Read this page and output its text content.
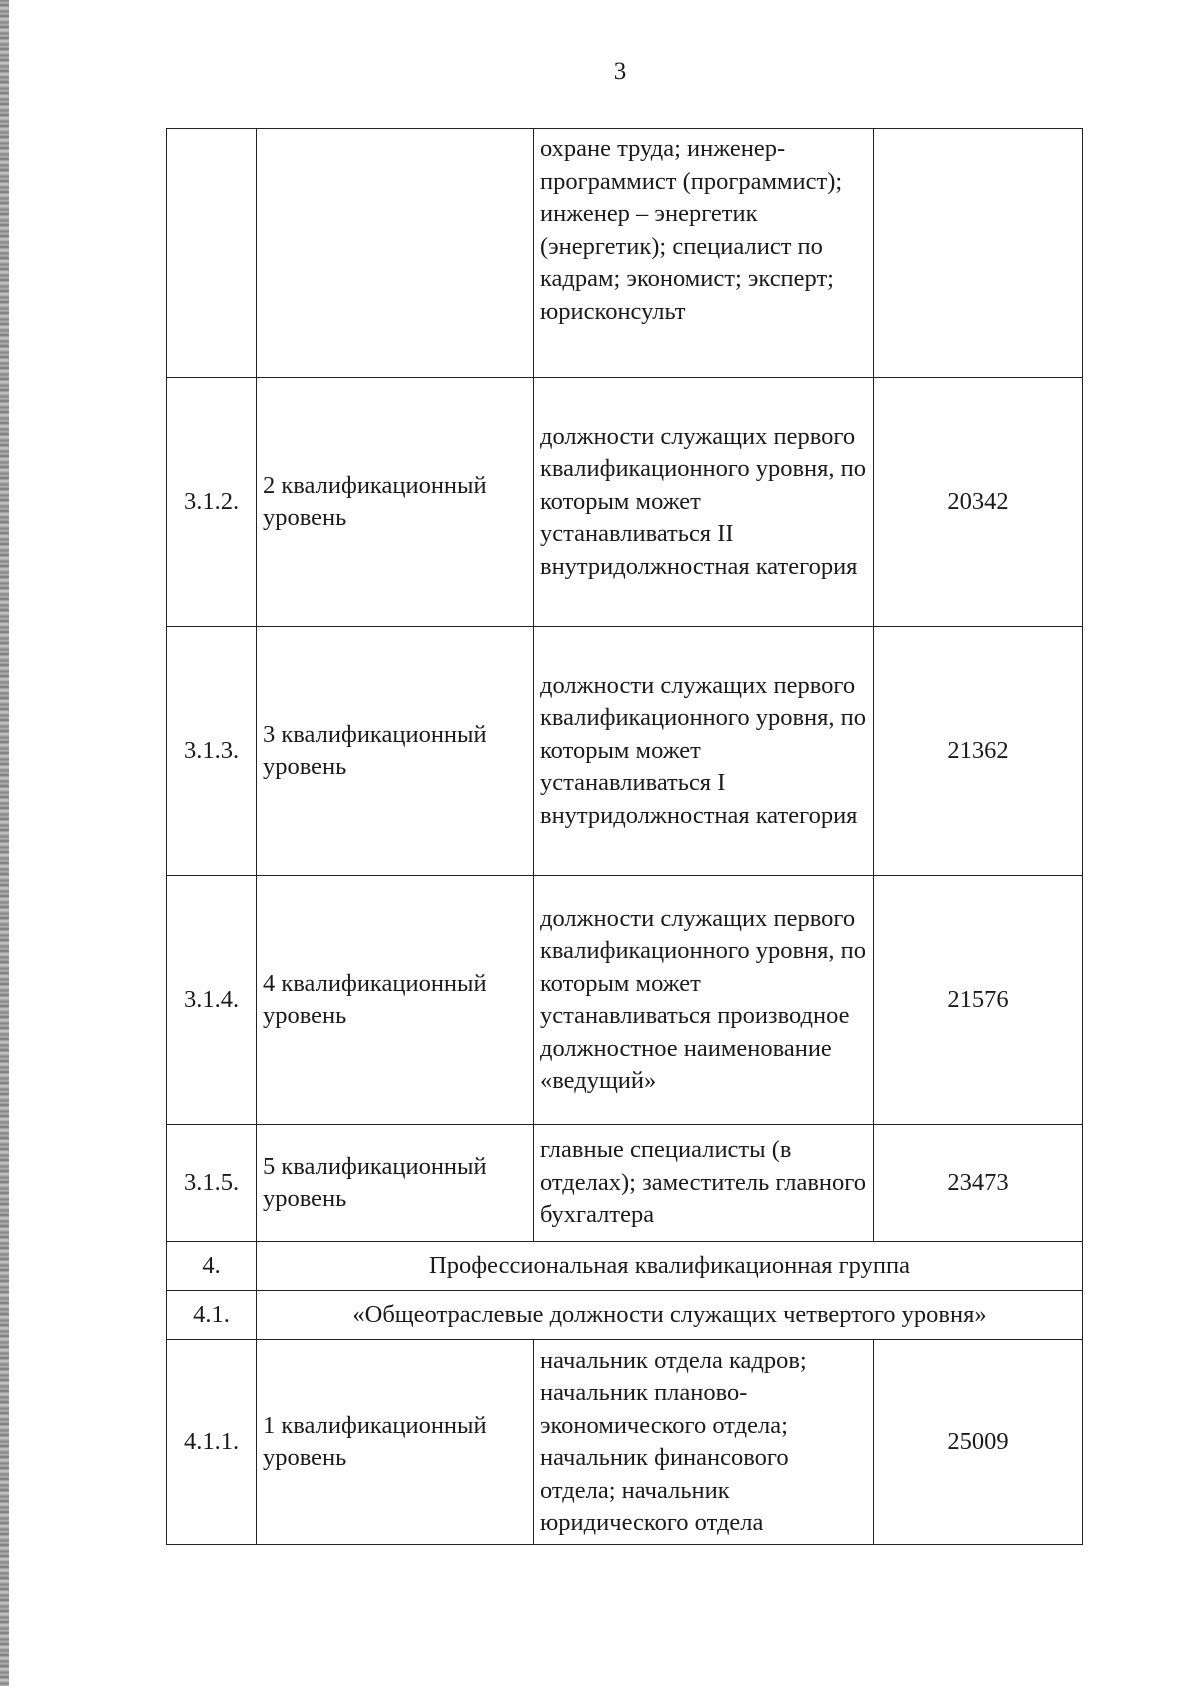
3
		охране труда; инженер-программист (программист); инженер – энергетик (энергетик); специалист по кадрам; экономист; эксперт; юрисконсульт	
3.1.2.	2 квалификационный уровень	должности служащих первого квалификационного уровня, по которым может устанавливаться II внутридолжностная категория	20342
3.1.3.	3 квалификационный уровень	должности служащих первого квалификационного уровня, по которым может устанавливаться I внутридолжностная категория	21362
3.1.4.	4 квалификационный уровень	должности служащих первого квалификационного уровня, по которым может устанавливаться производное должностное наименование «ведущий»	21576
3.1.5.	5 квалификационный уровень	главные специалисты (в отделах); заместитель главного бухгалтера	23473
4.	Профессиональная квалификационная группа		
4.1.	«Общеотраслевые должности служащих четвертого уровня»		
4.1.1.	1 квалификационный уровень	начальник отдела кадров; начальник планово-экономического отдела; начальник финансового отдела; начальник юридического отдела	25009
